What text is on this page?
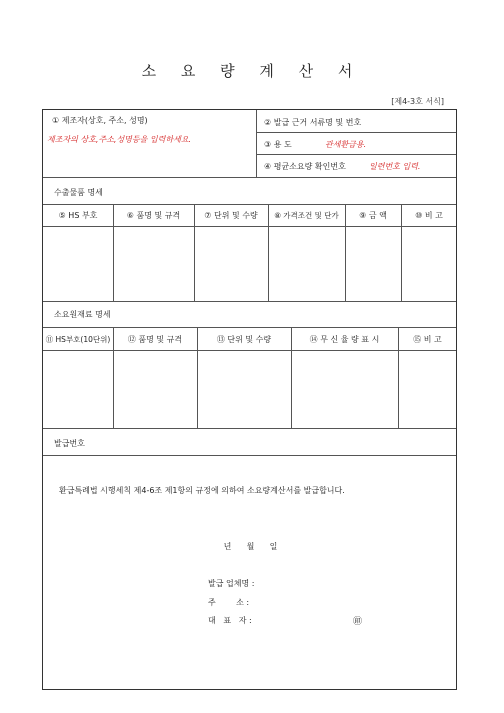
소 요 량 계 산 서
[제4-3호 서식]
① 제조자(상호, 주소, 성명)
제조자의 상호,주소,성명등을 입력하세요.
② 발급 근거 서류명 및 번호
③ 용 도	관세환급용.
④ 평균소요량 확인번호	일련번호 입력.
수출물품 명세
⑤ HS 부호	⑥ 품명 및 규격	⑦ 단위 및 수량	⑧ 가격조건 및 단가	⑨ 금 액	⑩ 비 고
소요원재료 명세
⑪ HS부호(10단위)	⑫ 품명 및 규격	⑬ 단위 및 수량	⑭ 무 신 율 량 표 시	⑮ 비 고
발급번호
환급특례법 시행세칙 제4-6조 제1항의 규정에 의하여 소요량계산서를 발급합니다.
년      월      일
발급 업체명 :
주        소 :
대   표   자 :	㊞
